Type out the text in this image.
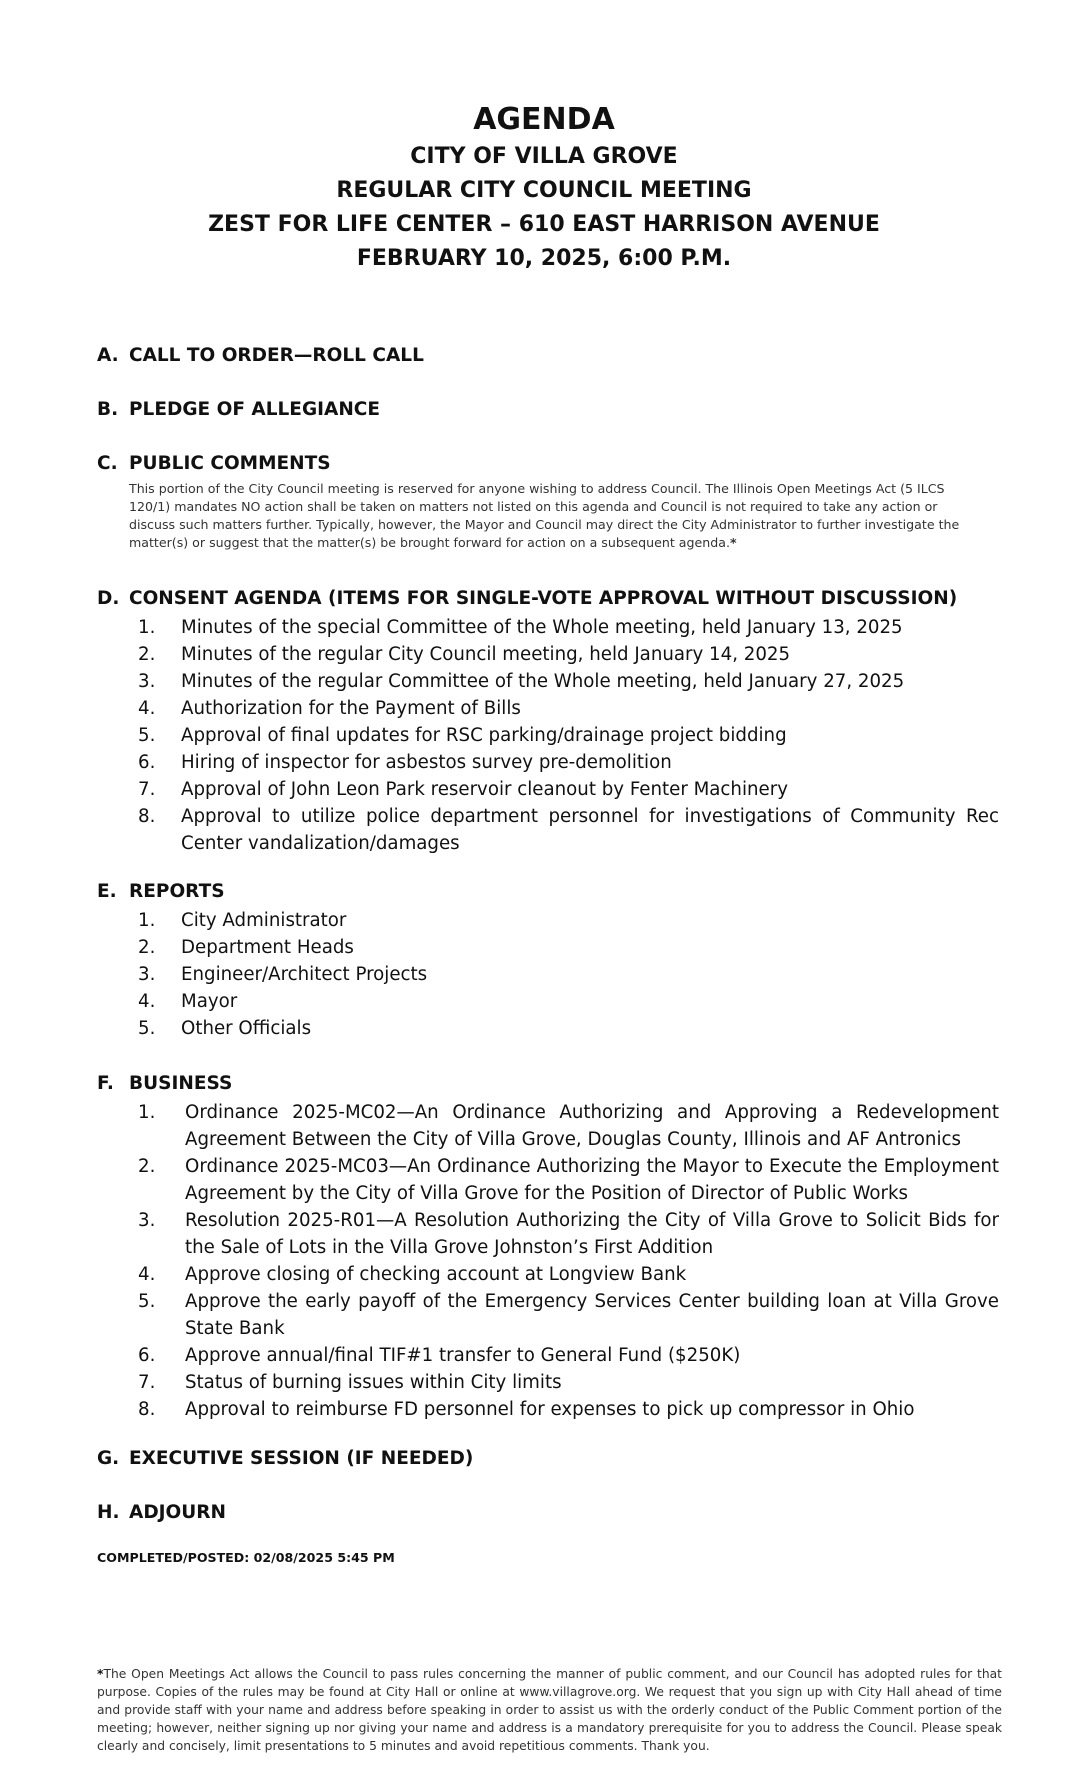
AGENDA
CITY OF VILLA GROVE
REGULAR CITY COUNCIL MEETING
ZEST FOR LIFE CENTER – 610 EAST HARRISON AVENUE
FEBRUARY 10, 2025, 6:00 P.M.
A. CALL TO ORDER—ROLL CALL
B. PLEDGE OF ALLEGIANCE
C. PUBLIC COMMENTS
This portion of the City Council meeting is reserved for anyone wishing to address Council. The Illinois Open Meetings Act (5 ILCS 120/1) mandates NO action shall be taken on matters not listed on this agenda and Council is not required to take any action or discuss such matters further. Typically, however, the Mayor and Council may direct the City Administrator to further investigate the matter(s) or suggest that the matter(s) be brought forward for action on a subsequent agenda.*
D. CONSENT AGENDA (ITEMS FOR SINGLE-VOTE APPROVAL WITHOUT DISCUSSION)
1. Minutes of the special Committee of the Whole meeting, held January 13, 2025
2. Minutes of the regular City Council meeting, held January 14, 2025
3. Minutes of the regular Committee of the Whole meeting, held January 27, 2025
4. Authorization for the Payment of Bills
5. Approval of final updates for RSC parking/drainage project bidding
6. Hiring of inspector for asbestos survey pre-demolition
7. Approval of John Leon Park reservoir cleanout by Fenter Machinery
8. Approval to utilize police department personnel for investigations of Community Rec Center vandalization/damages
E. REPORTS
1. City Administrator
2. Department Heads
3. Engineer/Architect Projects
4. Mayor
5. Other Officials
F. BUSINESS
1. Ordinance 2025-MC02—An Ordinance Authorizing and Approving a Redevelopment Agreement Between the City of Villa Grove, Douglas County, Illinois and AF Antronics
2. Ordinance 2025-MC03—An Ordinance Authorizing the Mayor to Execute the Employment Agreement by the City of Villa Grove for the Position of Director of Public Works
3. Resolution 2025-R01—A Resolution Authorizing the City of Villa Grove to Solicit Bids for the Sale of Lots in the Villa Grove Johnston’s First Addition
4. Approve closing of checking account at Longview Bank
5. Approve the early payoff of the Emergency Services Center building loan at Villa Grove State Bank
6. Approve annual/final TIF#1 transfer to General Fund ($250K)
7. Status of burning issues within City limits
8. Approval to reimburse FD personnel for expenses to pick up compressor in Ohio
G. EXECUTIVE SESSION (IF NEEDED)
H. ADJOURN
COMPLETED/POSTED: 02/08/2025 5:45 PM
*The Open Meetings Act allows the Council to pass rules concerning the manner of public comment, and our Council has adopted rules for that purpose. Copies of the rules may be found at City Hall or online at www.villagrove.org. We request that you sign up with City Hall ahead of time and provide staff with your name and address before speaking in order to assist us with the orderly conduct of the Public Comment portion of the meeting; however, neither signing up nor giving your name and address is a mandatory prerequisite for you to address the Council. Please speak clearly and concisely, limit presentations to 5 minutes and avoid repetitious comments. Thank you.
